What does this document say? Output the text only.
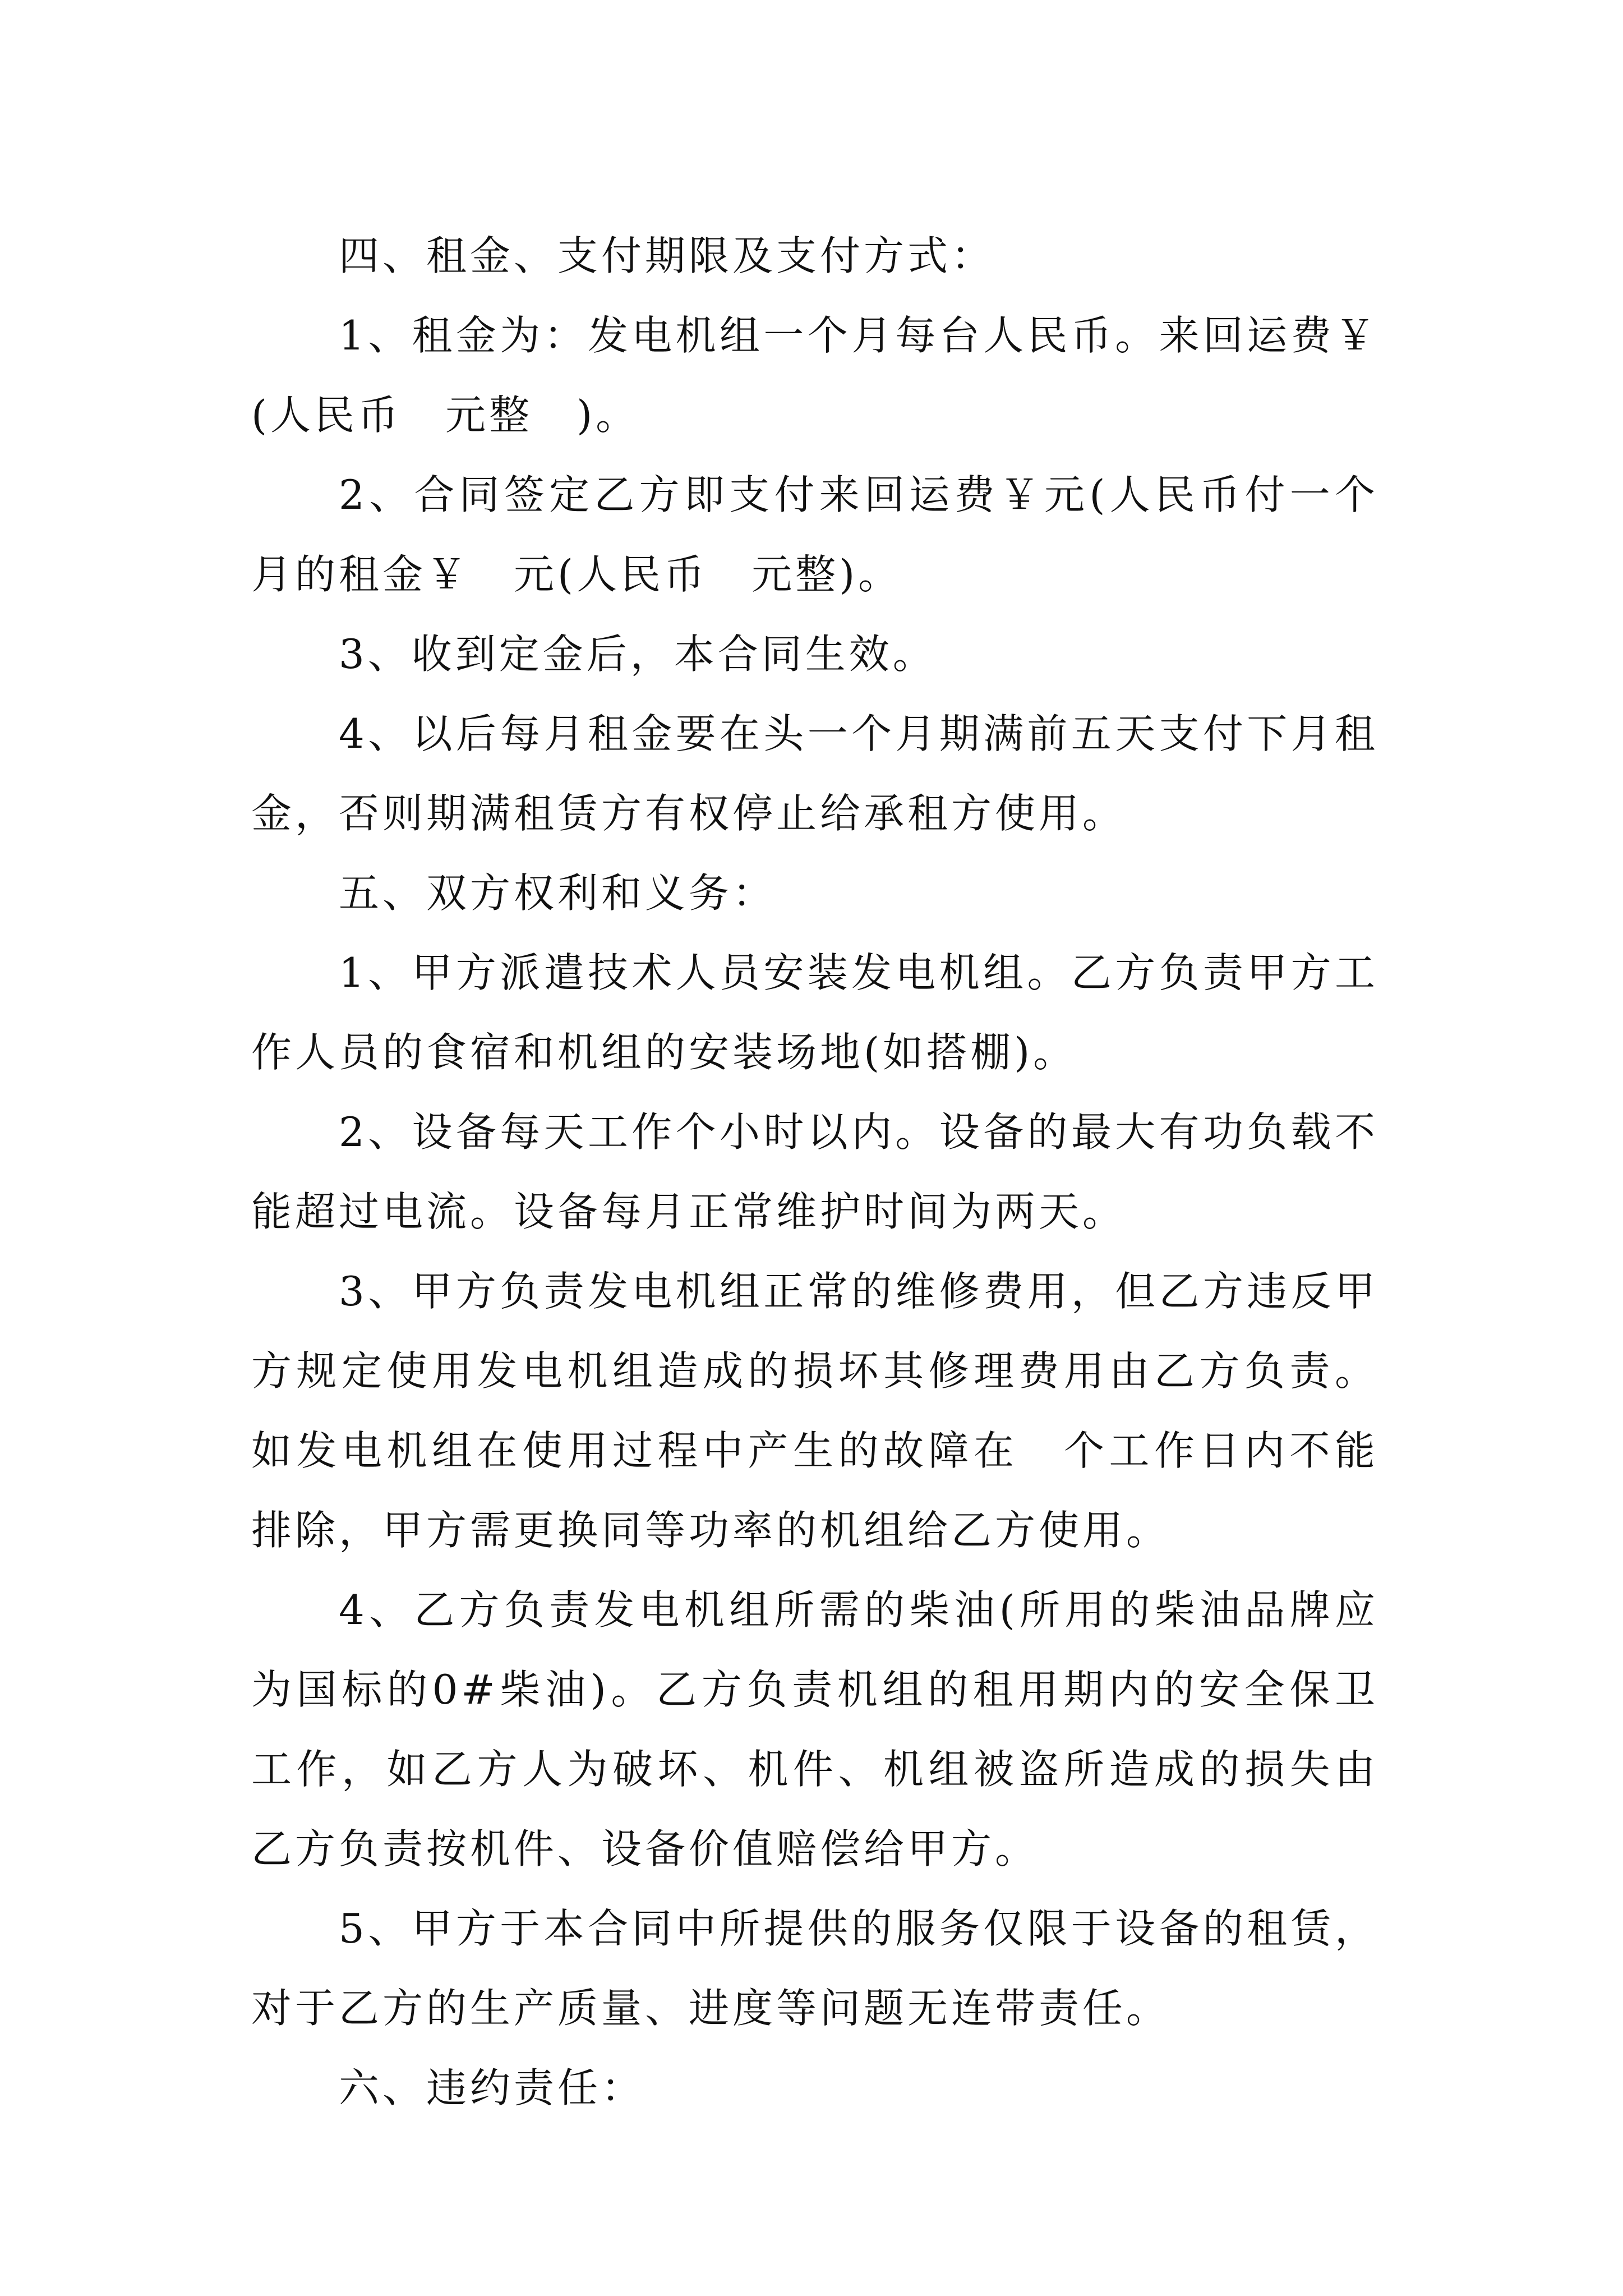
四、租金、支付期限及支付方式：

1、租金为：发电机组一个月每台人民币。来回运费￥(人民币　元整　)。

2、合同签定乙方即支付来回运费￥元(人民币付一个月的租金￥　元(人民币　元整)。

3、收到定金后，本合同生效。

4、以后每月租金要在头一个月期满前五天支付下月租金，否则期满租赁方有权停止给承租方使用。

五、双方权利和义务：

1、甲方派遣技术人员安装发电机组。乙方负责甲方工作人员的食宿和机组的安装场地(如搭棚)。

2、设备每天工作个小时以内。设备的最大有功负载不能超过电流。设备每月正常维护时间为两天。

3、甲方负责发电机组正常的维修费用，但乙方违反甲方规定使用发电机组造成的损坏其修理费用由乙方负责。如发电机组在使用过程中产生的故障在　个工作日内不能排除，甲方需更换同等功率的机组给乙方使用。

4、乙方负责发电机组所需的柴油(所用的柴油品牌应为国标的0#柴油)。乙方负责机组的租用期内的安全保卫工作，如乙方人为破坏、机件、机组被盗所造成的损失由乙方负责按机件、设备价值赔偿给甲方。

5、甲方于本合同中所提供的服务仅限于设备的租赁，对于乙方的生产质量、进度等问题无连带责任。

六、违约责任：
